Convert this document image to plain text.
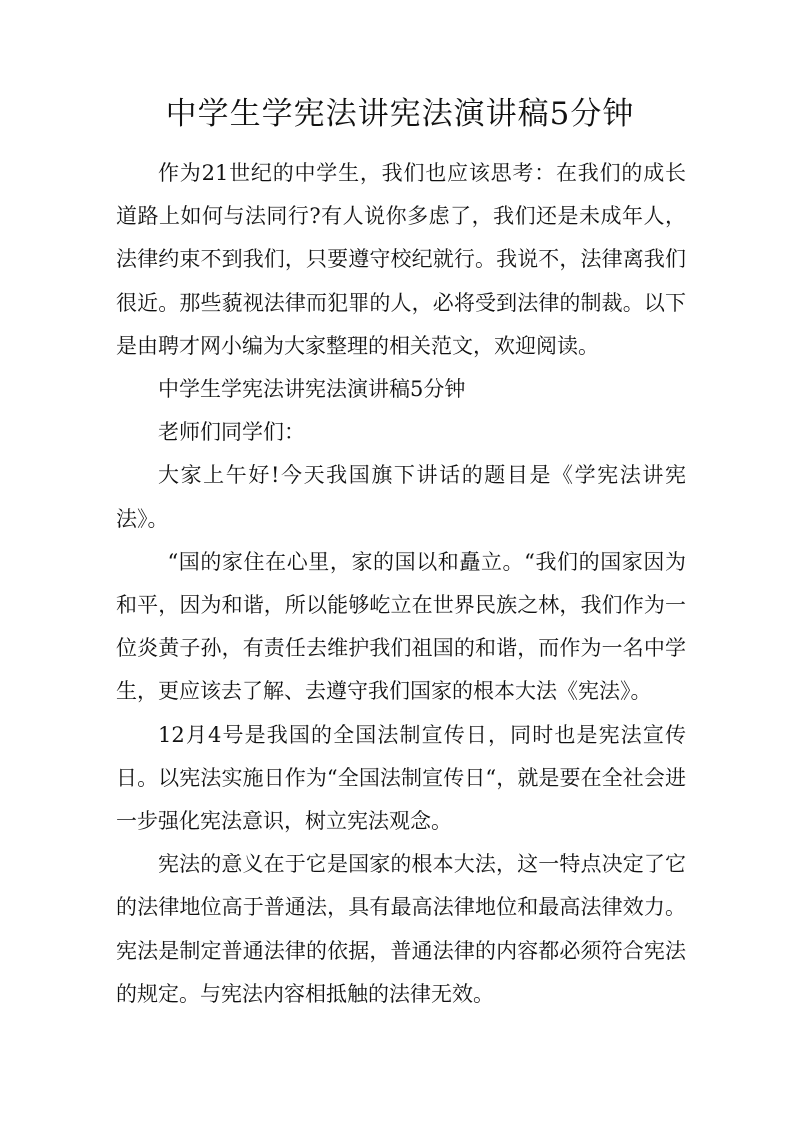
中学生学宪法讲宪法演讲稿5分钟

作为21世纪的中学生，我们也应该思考：在我们的成长道路上如何与法同行?有人说你多虑了，我们还是未成年人，法律约束不到我们，只要遵守校纪就行。我说不，法律离我们很近。那些藐视法律而犯罪的人，必将受到法律的制裁。以下是由聘才网小编为大家整理的相关范文，欢迎阅读。

中学生学宪法讲宪法演讲稿5分钟

老师们同学们：

大家上午好!今天我国旗下讲话的题目是《学宪法讲宪法》。

“国的家住在心里，家的国以和矗立。“我们的国家因为和平，因为和谐，所以能够屹立在世界民族之林，我们作为一位炎黄子孙，有责任去维护我们祖国的和谐，而作为一名中学生，更应该去了解、去遵守我们国家的根本大法《宪法》。

12月4号是我国的全国法制宣传日，同时也是宪法宣传日。以宪法实施日作为“全国法制宣传日“，就是要在全社会进一步强化宪法意识，树立宪法观念。

宪法的意义在于它是国家的根本大法，这一特点决定了它的法律地位高于普通法，具有最高法律地位和最高法律效力。宪法是制定普通法律的依据，普通法律的内容都必须符合宪法的规定。与宪法内容相抵触的法律无效。
